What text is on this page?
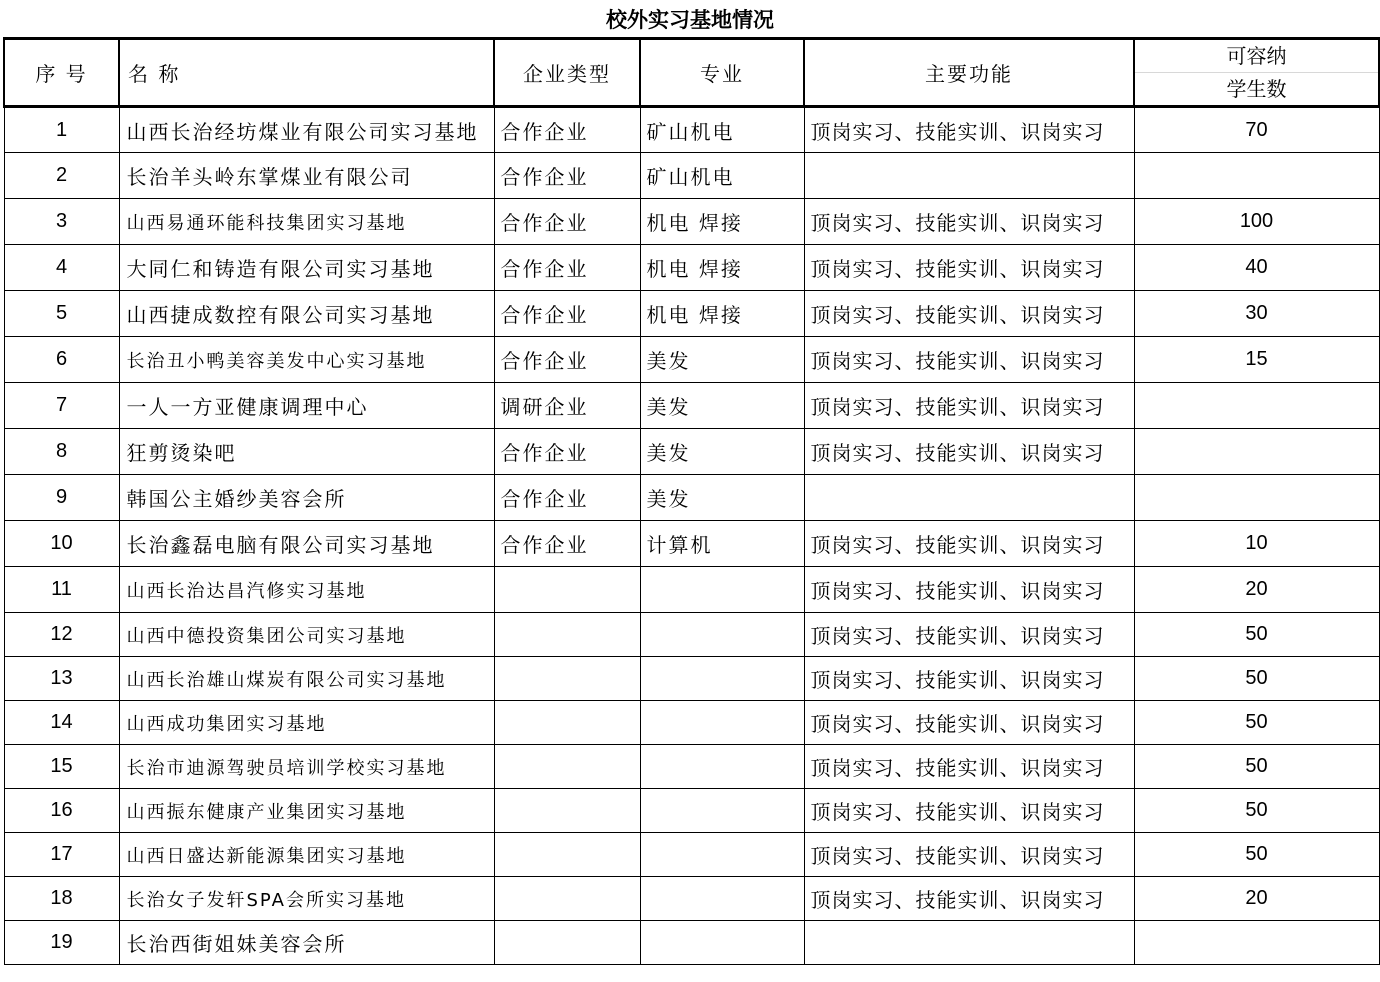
校外实习基地情况
序 号	名 称	企业类型	专业	主要功能	可容纳
学生数

1	山西长治经坊煤业有限公司实习基地	合作企业	矿山机电	顶岗实习、技能实训、识岗实习	70
2	长治羊头岭东掌煤业有限公司	合作企业	矿山机电		
3	山西易通环能科技集团实习基地	合作企业	机电 焊接	顶岗实习、技能实训、识岗实习	100
4	大同仁和铸造有限公司实习基地	合作企业	机电 焊接	顶岗实习、技能实训、识岗实习	40
5	山西捷成数控有限公司实习基地	合作企业	机电 焊接	顶岗实习、技能实训、识岗实习	30
6	长治丑小鸭美容美发中心实习基地	合作企业	美发	顶岗实习、技能实训、识岗实习	15
7	一人一方亚健康调理中心	调研企业	美发	顶岗实习、技能实训、识岗实习	
8	狂剪烫染吧	合作企业	美发	顶岗实习、技能实训、识岗实习	
9	韩国公主婚纱美容会所	合作企业	美发		
10	长治鑫磊电脑有限公司实习基地	合作企业	计算机	顶岗实习、技能实训、识岗实习	10
11	山西长治达昌汽修实习基地			顶岗实习、技能实训、识岗实习	20
12	山西中德投资集团公司实习基地			顶岗实习、技能实训、识岗实习	50
13	山西长治雄山煤炭有限公司实习基地			顶岗实习、技能实训、识岗实习	50
14	山西成功集团实习基地			顶岗实习、技能实训、识岗实习	50
15	长治市迪源驾驶员培训学校实习基地			顶岗实习、技能实训、识岗实习	50
16	山西振东健康产业集团实习基地			顶岗实习、技能实训、识岗实习	50
17	山西日盛达新能源集团实习基地			顶岗实习、技能实训、识岗实习	50
18	长治女子发轩SPA会所实习基地			顶岗实习、技能实训、识岗实习	20
19	长治西街姐妹美容会所				
